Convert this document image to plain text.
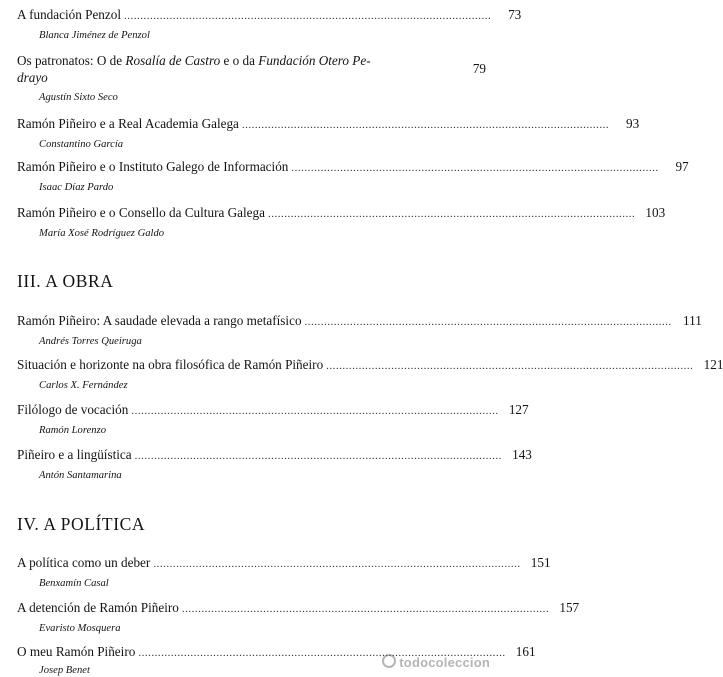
A fundación Penzol .................................................................................................................	73
Blanca Jiménez de Penzol
Os patronatos: O de Rosalía de Castro e o da Fundación Otero Pe-
drayo
79
Agustín Sixto Seco
Ramón Piñeiro e a Real Academia Galega .................................................................................................................	93
Constantino García
Ramón Piñeiro e o Instituto Galego de Información .................................................................................................................	97
Isaac Díaz Pardo
Ramón Piñeiro e o Consello da Cultura Galega ................................................................................................................. 103
María Xosé Rodríguez Galdo
III. A OBRA
Ramón Piñeiro: A saudade elevada a rango metafísico ................................................................................................................. 111
Andrés Torres Queiruga
Situación e horizonte na obra filosófica de Ramón Piñeiro ................................................................................................................. 121
Carlos X. Fernández
Filólogo de vocación ................................................................................................................. 127
Ramón Lorenzo
Piñeiro e a lingüística ................................................................................................................. 143
Antón Santamarina
IV. A POLÍTICA
A política como un deber ................................................................................................................. 151
Benxamín Casal
A detención de Ramón Piñeiro ................................................................................................................. 157
Evaristo Mosquera
O meu Ramón Piñeiro ................................................................................................................. 161
Josep Benet
todocoleccion
